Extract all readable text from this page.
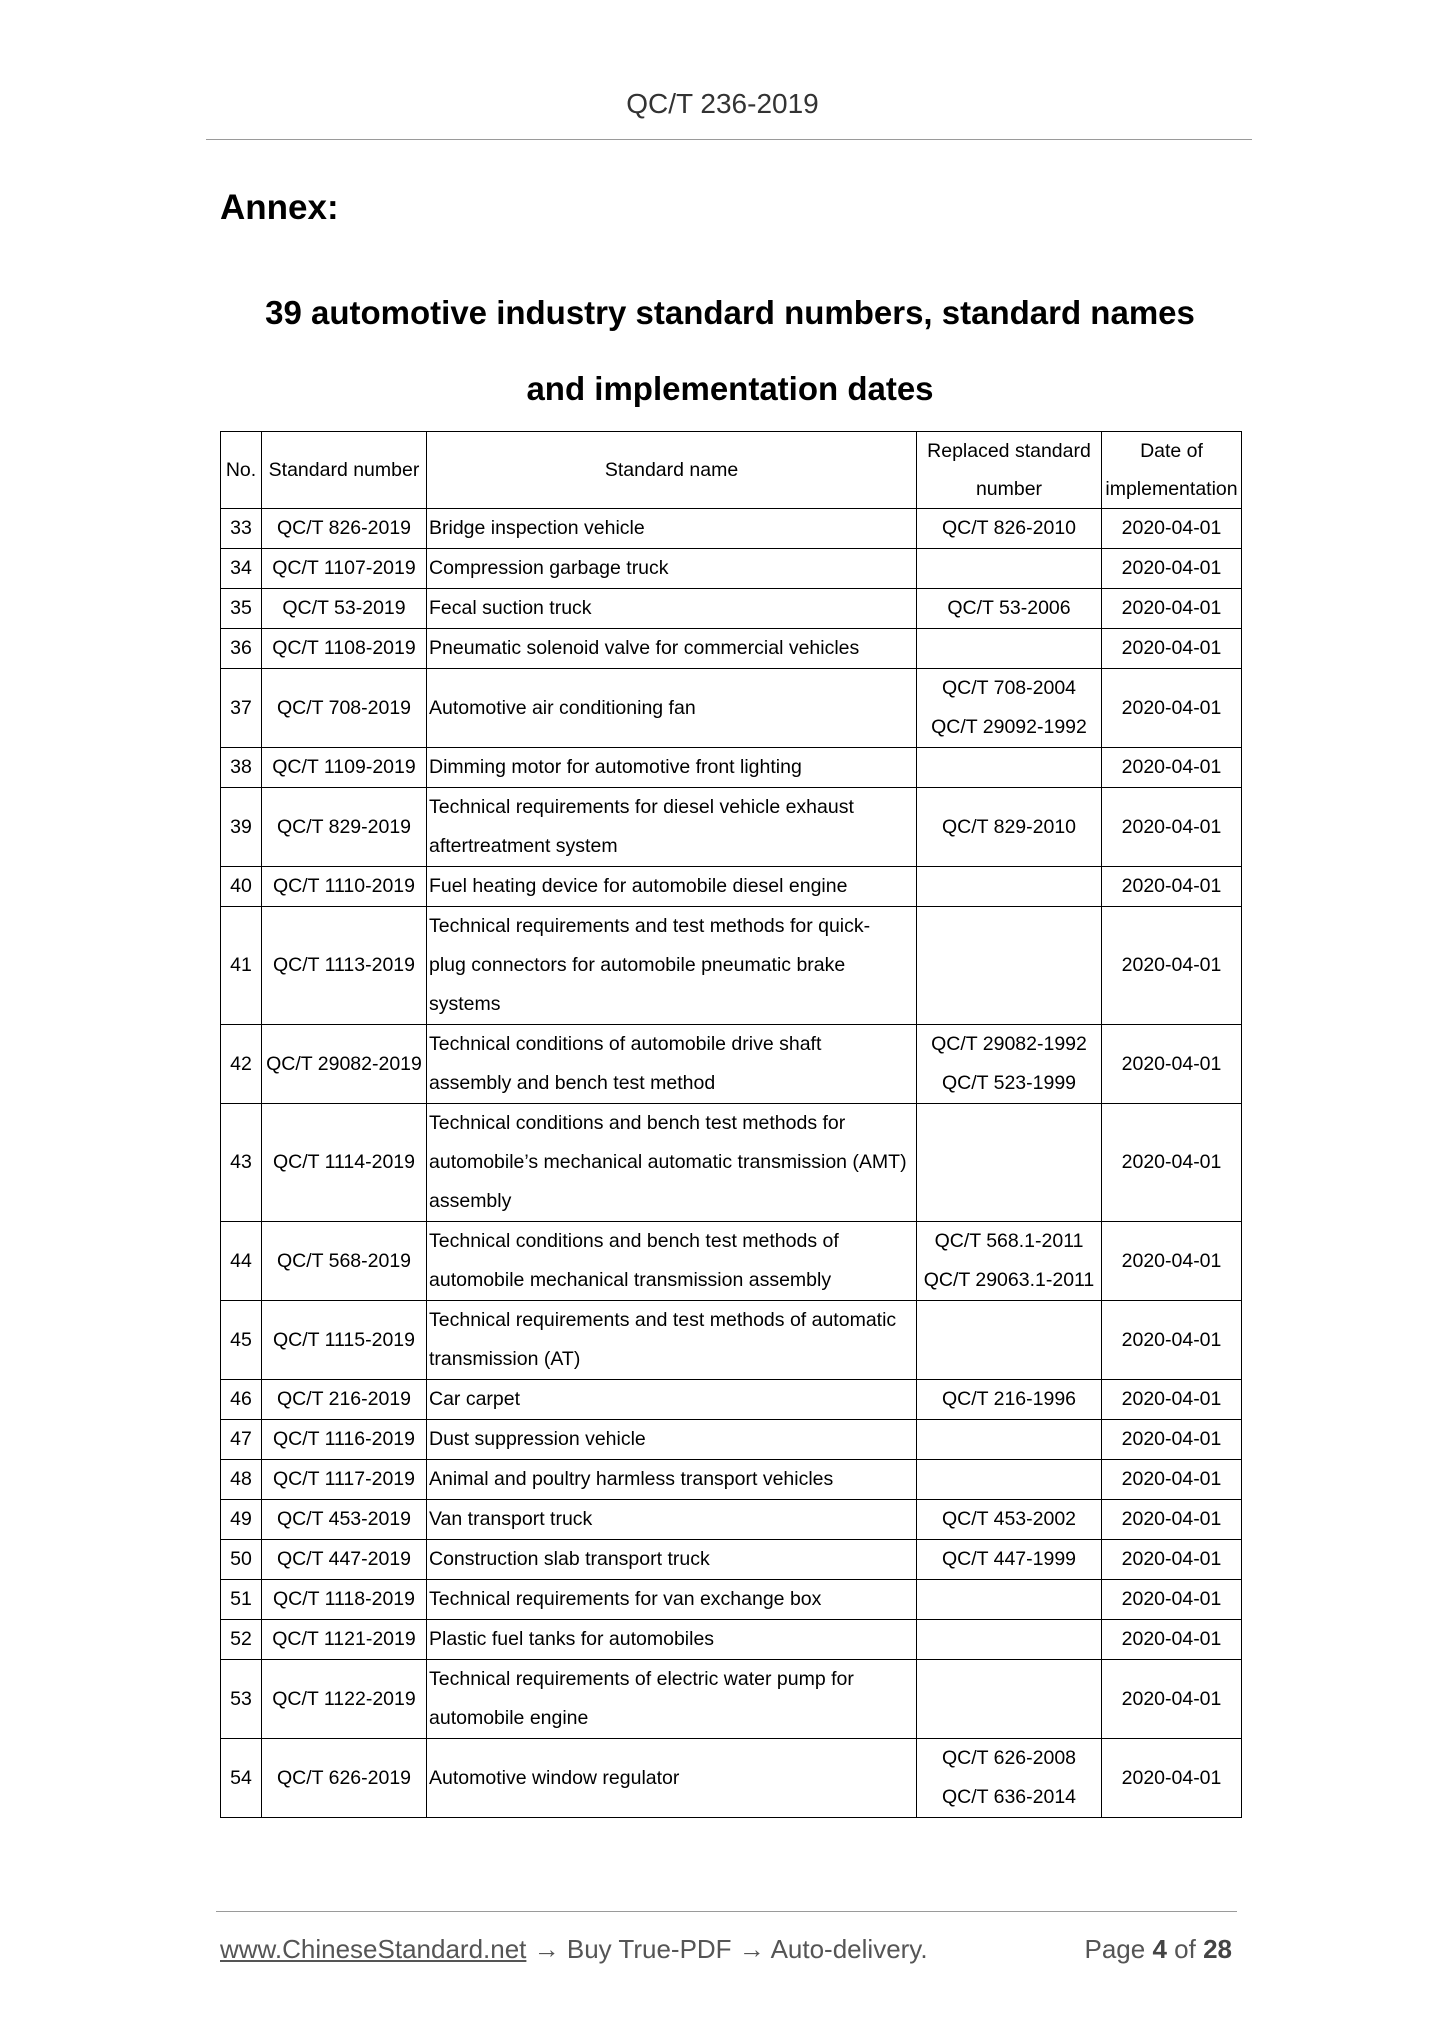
QC/T 236-2019
Annex:
39 automotive industry standard numbers, standard names
and implementation dates
No.	Standard number	Standard name	Replaced standard
number	Date of
implementation

33	QC/T 826-2019	Bridge inspection vehicle	QC/T 826-2010	2020-04-01
34	QC/T 1107-2019	Compression garbage truck		2020-04-01
35	QC/T 53-2019	Fecal suction truck	QC/T 53-2006	2020-04-01
36	QC/T 1108-2019	Pneumatic solenoid valve for commercial vehicles		2020-04-01
37	QC/T 708-2019	Automotive air conditioning fan	QC/T 708-2004
QC/T 29092-1992	2020-04-01
38	QC/T 1109-2019	Dimming motor for automotive front lighting		2020-04-01
39	QC/T 829-2019	Technical requirements for diesel vehicle exhaust
aftertreatment system	QC/T 829-2010	2020-04-01
40	QC/T 1110-2019	Fuel heating device for automobile diesel engine		2020-04-01
41	QC/T 1113-2019	Technical requirements and test methods for quick-
plug connectors for automobile pneumatic brake
systems		2020-04-01
42	QC/T 29082-2019	Technical conditions of automobile drive shaft
assembly and bench test method	QC/T 29082-1992
QC/T 523-1999	2020-04-01
43	QC/T 1114-2019	Technical conditions and bench test methods for
automobile’s mechanical automatic transmission (AMT)
assembly		2020-04-01
44	QC/T 568-2019	Technical conditions and bench test methods of
automobile mechanical transmission assembly	QC/T 568.1-2011
QC/T 29063.1-2011	2020-04-01
45	QC/T 1115-2019	Technical requirements and test methods of automatic
transmission (AT)		2020-04-01
46	QC/T 216-2019	Car carpet	QC/T 216-1996	2020-04-01
47	QC/T 1116-2019	Dust suppression vehicle		2020-04-01
48	QC/T 1117-2019	Animal and poultry harmless transport vehicles		2020-04-01
49	QC/T 453-2019	Van transport truck	QC/T 453-2002	2020-04-01
50	QC/T 447-2019	Construction slab transport truck	QC/T 447-1999	2020-04-01
51	QC/T 1118-2019	Technical requirements for van exchange box		2020-04-01
52	QC/T 1121-2019	Plastic fuel tanks for automobiles		2020-04-01
53	QC/T 1122-2019	Technical requirements of electric water pump for
automobile engine		2020-04-01
54	QC/T 626-2019	Automotive window regulator	QC/T 626-2008
QC/T 636-2014	2020-04-01
www.ChineseStandard.net → Buy True-PDF → Auto-delivery.	Page 4 of 28
